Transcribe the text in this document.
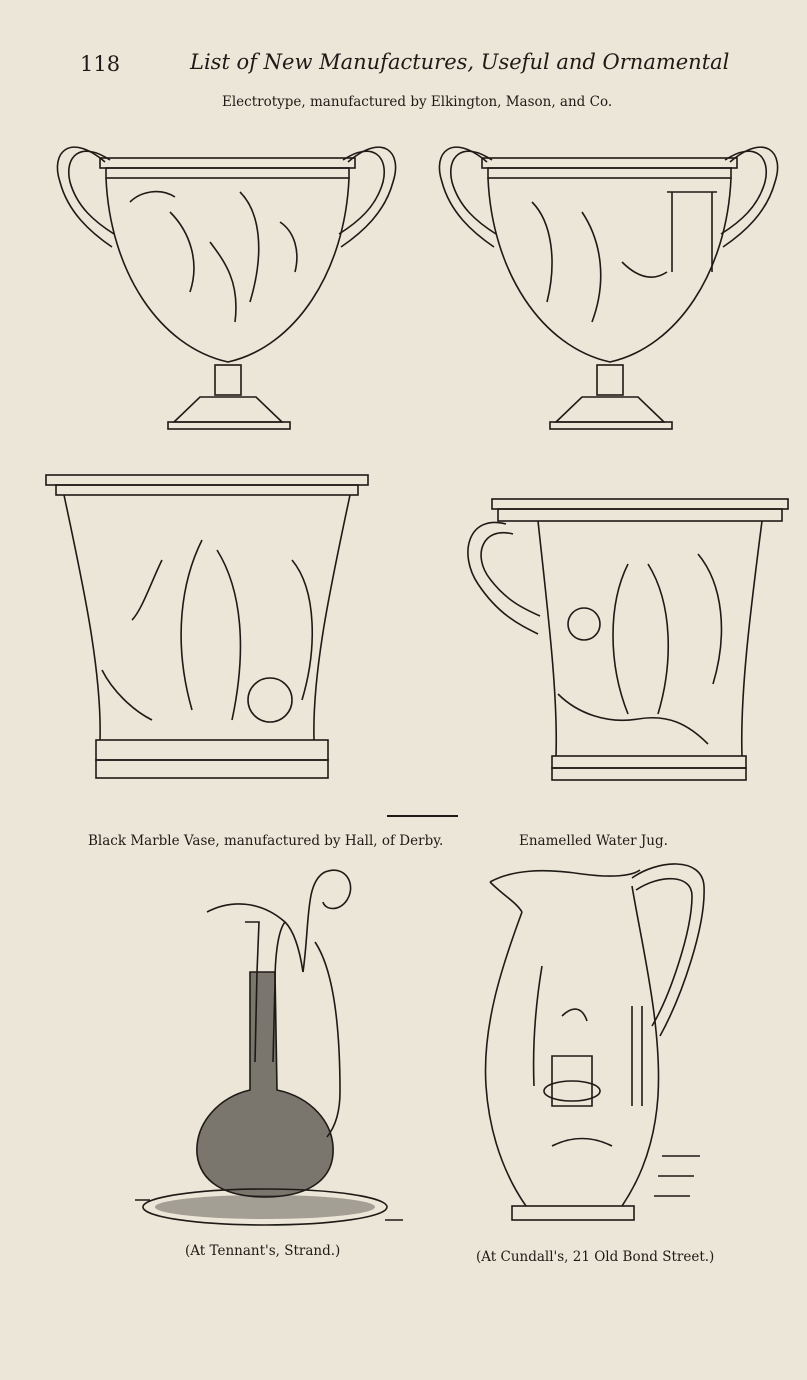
118	List of New Manufactures, Useful and Ornamental
Electrotype, manufactured by Elkington, Mason, and Co.
Black Marble Vase, manufactured by Hall, of Derby.	Enamelled Water Jug.
(At Tennant's, Strand.)	(At Cundall's, 21 Old Bond Street.)
